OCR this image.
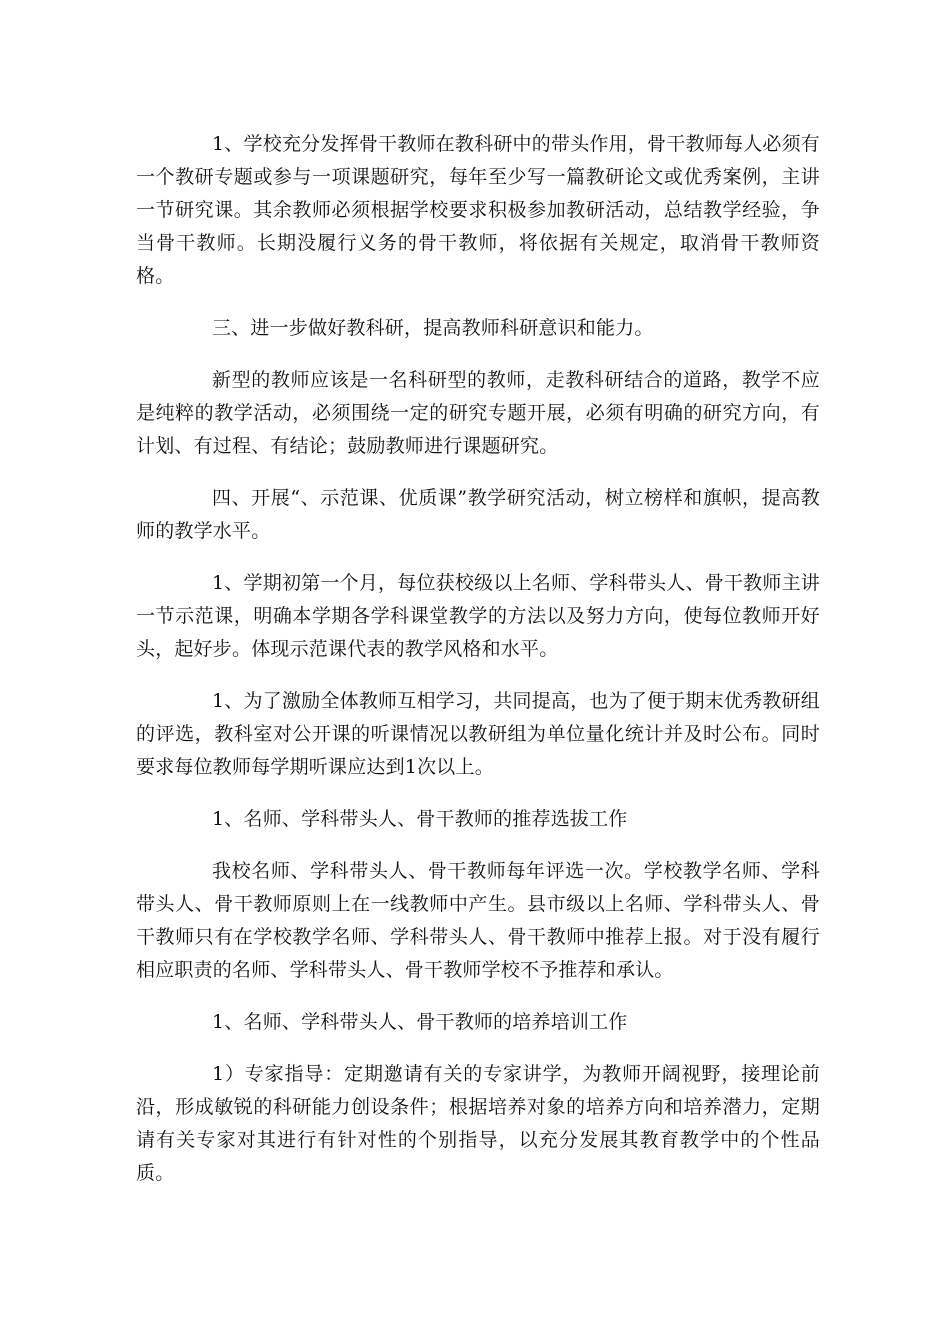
1、学校充分发挥骨干教师在教科研中的带头作用，骨干教师每人必须有一个教研专题或参与一项课题研究，每年至少写一篇教研论文或优秀案例，主讲一节研究课。其余教师必须根据学校要求积极参加教研活动，总结教学经验，争当骨干教师。长期没履行义务的骨干教师，将依据有关规定，取消骨干教师资格。

三、进一步做好教科研，提高教师科研意识和能力。

新型的教师应该是一名科研型的教师，走教科研结合的道路，教学不应是纯粹的教学活动，必须围绕一定的研究专题开展，必须有明确的研究方向，有计划、有过程、有结论；鼓励教师进行课题研究。

四、开展“、示范课、优质课”教学研究活动，树立榜样和旗帜，提高教师的教学水平。

1、学期初第一个月，每位获校级以上名师、学科带头人、骨干教师主讲一节示范课，明确本学期各学科课堂教学的方法以及努力方向，使每位教师开好头，起好步。体现示范课代表的教学风格和水平。

1、为了激励全体教师互相学习，共同提高，也为了便于期末优秀教研组的评选，教科室对公开课的听课情况以教研组为单位量化统计并及时公布。同时要求每位教师每学期听课应达到1次以上。

1、名师、学科带头人、骨干教师的推荐选拔工作

我校名师、学科带头人、骨干教师每年评选一次。学校教学名师、学科带头人、骨干教师原则上在一线教师中产生。县市级以上名师、学科带头人、骨干教师只有在学校教学名师、学科带头人、骨干教师中推荐上报。对于没有履行相应职责的名师、学科带头人、骨干教师学校不予推荐和承认。

1、名师、学科带头人、骨干教师的培养培训工作

1）专家指导：定期邀请有关的专家讲学，为教师开阔视野，接理论前沿，形成敏锐的科研能力创设条件；根据培养对象的培养方向和培养潜力，定期请有关专家对其进行有针对性的个别指导，以充分发展其教育教学中的个性品质。
